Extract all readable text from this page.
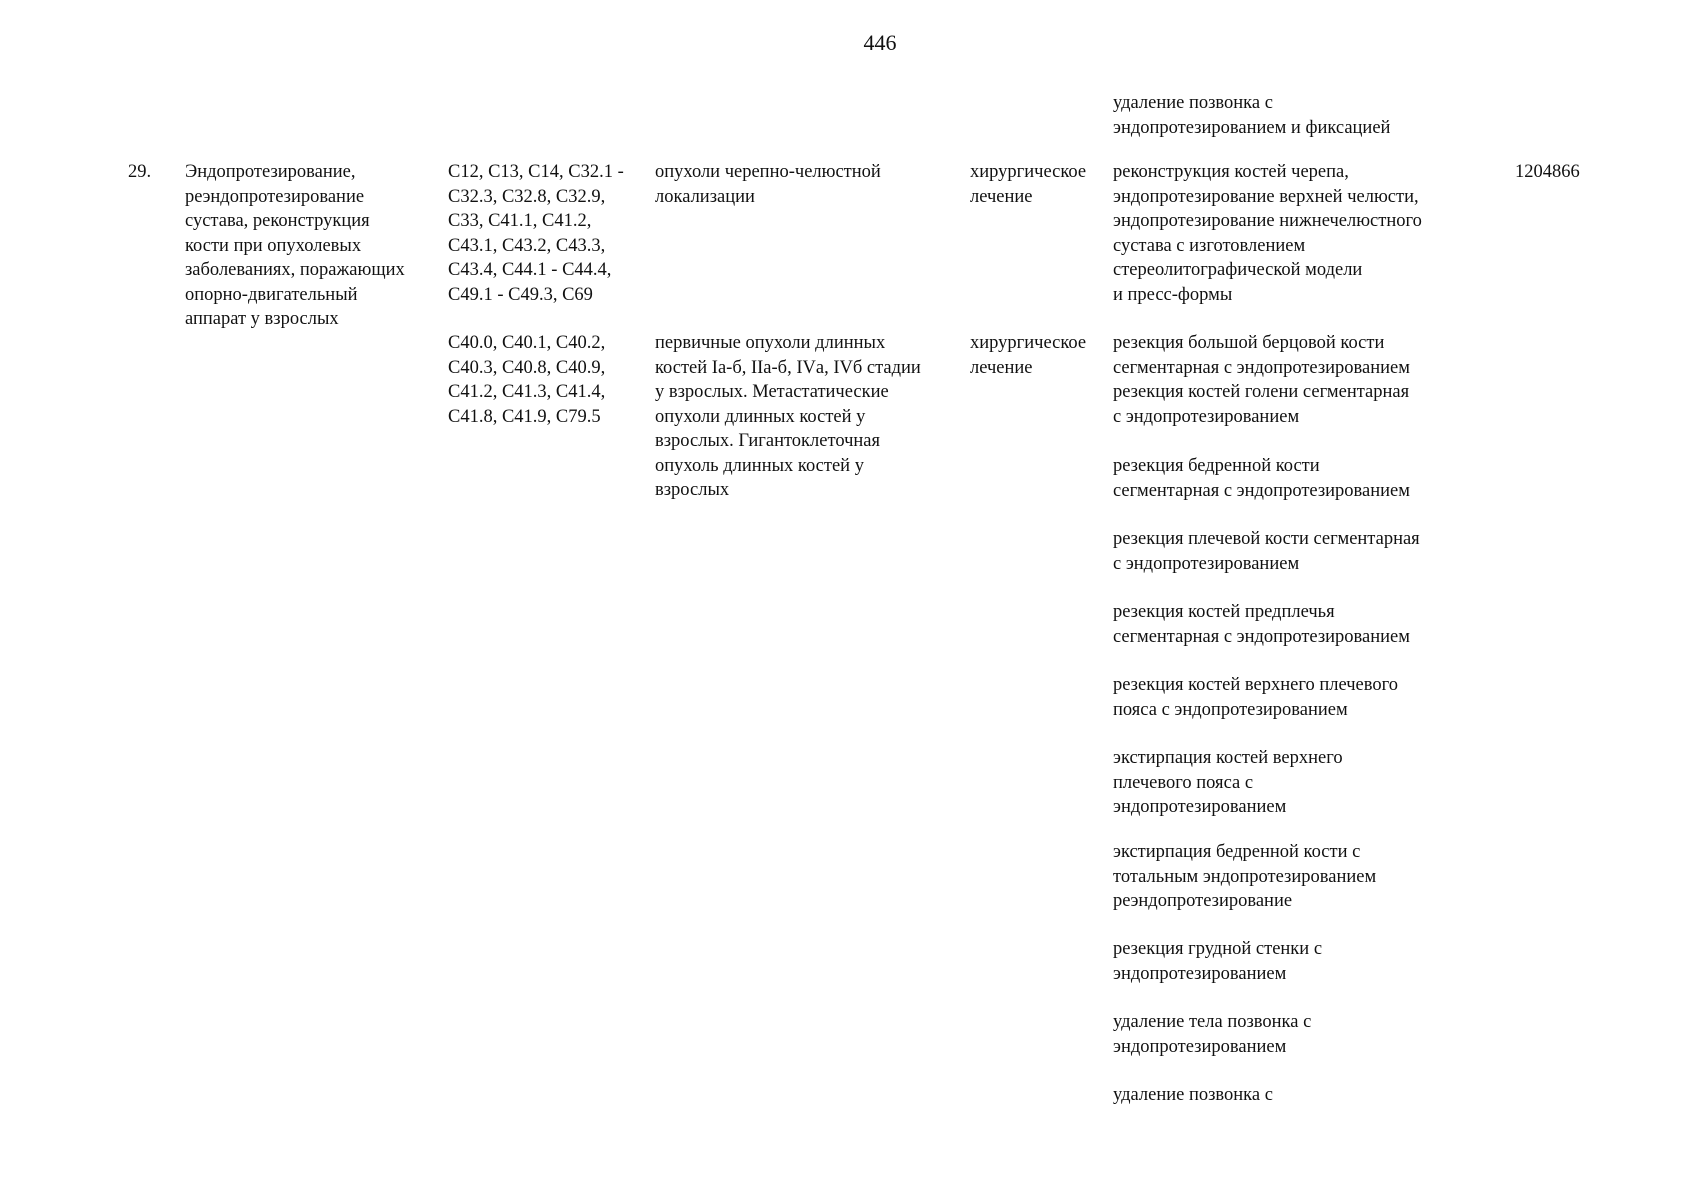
446
удаление позвонка с
эндопротезированием и фиксацией
29.	Эндопротезирование,
реэндопротезирование
сустава, реконструкция
кости при опухолевых
заболеваниях, поражающих
опорно-двигательный
аппарат у взрослых
1204866
C12, C13, C14, C32.1 -
C32.3, C32.8, C32.9,
C33, C41.1, C41.2,
C43.1, C43.2, C43.3,
C43.4, C44.1 - C44.4,
C49.1 - C49.3, C69
опухоли черепно-челюстной
локализации
хирургическое
лечение
реконструкция костей черепа,
эндопротезирование верхней челюсти,
эндопротезирование нижнечелюстного
сустава с изготовлением
стереолитографической модели
и пресс-формы
C40.0, C40.1, C40.2,
C40.3, C40.8, C40.9,
C41.2, C41.3, C41.4,
C41.8, C41.9, C79.5
первичные опухоли длинных
костей Iа-б, IIа-б, IVа, IVб стадии
у взрослых. Метастатические
опухоли длинных костей у
взрослых. Гигантоклеточная
опухоль длинных костей у
взрослых
хирургическое
лечение
резекция большой берцовой кости
сегментарная с эндопротезированием
резекция костей голени сегментарная
с эндопротезированием
резекция бедренной кости
сегментарная с эндопротезированием
резекция плечевой кости сегментарная
с эндопротезированием
резекция костей предплечья
сегментарная с эндопротезированием
резекция костей верхнего плечевого
пояса с эндопротезированием
экстирпация костей верхнего
плечевого пояса с
эндопротезированием
экстирпация бедренной кости с
тотальным эндопротезированием
реэндопротезирование
резекция грудной стенки с
эндопротезированием
удаление тела позвонка с
эндопротезированием
удаление позвонка с
